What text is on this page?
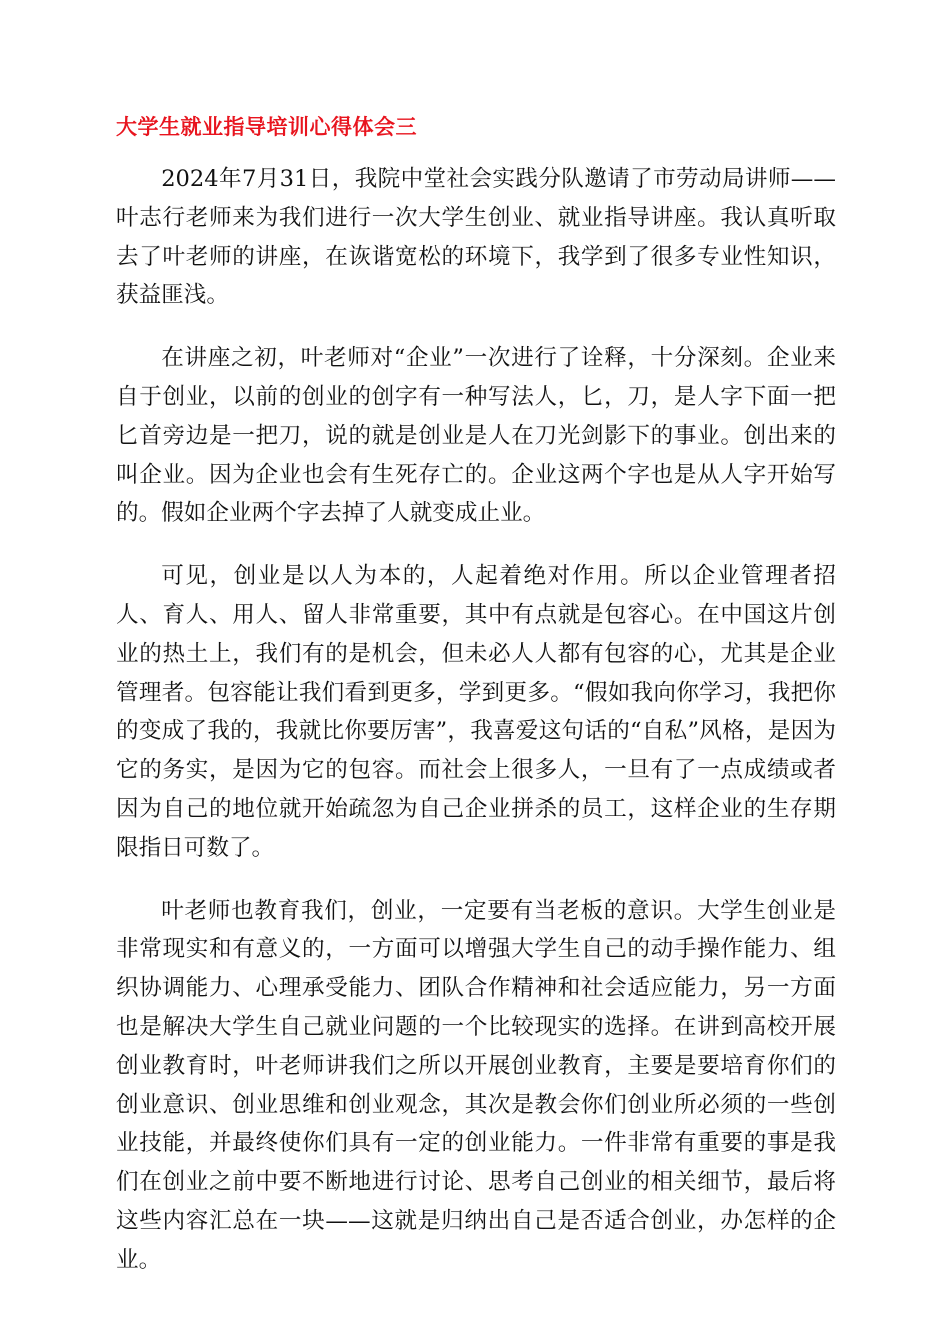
大学生就业指导培训心得体会三

2024年7月31日，我院中堂社会实践分队邀请了市劳动局讲师——叶志行老师来为我们进行一次大学生创业、就业指导讲座。我认真听取去了叶老师的讲座，在诙谐宽松的环境下，我学到了很多专业性知识，获益匪浅。

在讲座之初，叶老师对“企业”一次进行了诠释，十分深刻。企业来自于创业，以前的创业的创字有一种写法人，匕，刀，是人字下面一把匕首旁边是一把刀，说的就是创业是人在刀光剑影下的事业。创出来的叫企业。因为企业也会有生死存亡的。企业这两个字也是从人字开始写的。假如企业两个字去掉了人就变成止业。

可见，创业是以人为本的，人起着绝对作用。所以企业管理者招人、育人、用人、留人非常重要，其中有点就是包容心。在中国这片创业的热土上，我们有的是机会，但未必人人都有包容的心，尤其是企业管理者。包容能让我们看到更多，学到更多。“假如我向你学习，我把你的变成了我的，我就比你要厉害”，我喜爱这句话的“自私”风格，是因为它的务实，是因为它的包容。而社会上很多人，一旦有了一点成绩或者因为自己的地位就开始疏忽为自己企业拼杀的员工，这样企业的生存期限指日可数了。

叶老师也教育我们，创业，一定要有当老板的意识。大学生创业是非常现实和有意义的，一方面可以增强大学生自己的动手操作能力、组织协调能力、心理承受能力、团队合作精神和社会适应能力，另一方面也是解决大学生自己就业问题的一个比较现实的选择。在讲到高校开展创业教育时，叶老师讲我们之所以开展创业教育，主要是要培育你们的创业意识、创业思维和创业观念，其次是教会你们创业所必须的一些创业技能，并最终使你们具有一定的创业能力。一件非常有重要的事是我们在创业之前中要不断地进行讨论、思考自己创业的相关细节，最后将这些内容汇总在一块——这就是归纳出自己是否适合创业，办怎样的企业。
